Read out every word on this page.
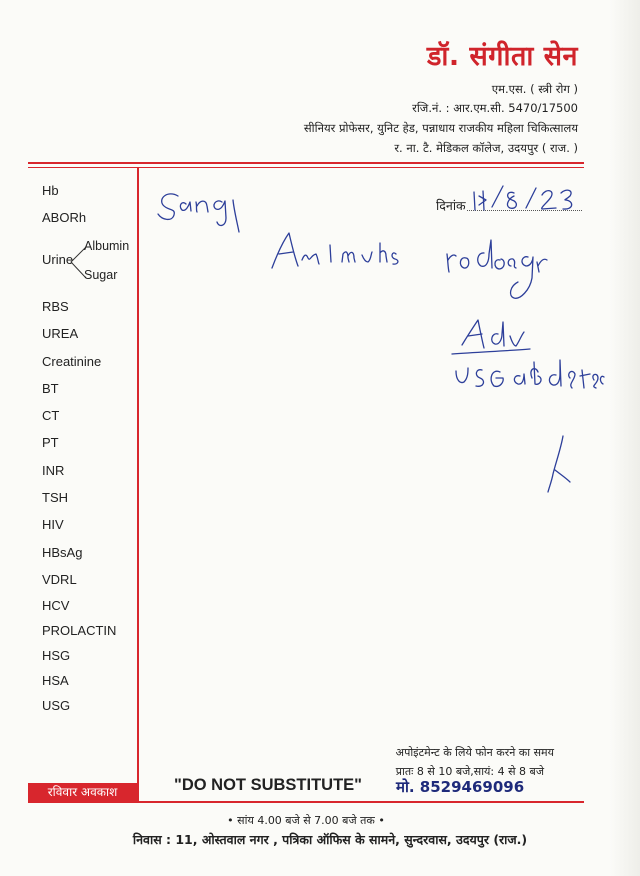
डॉ. संगीता सेन
एम.एस. ( स्त्री रोग )
रजि.नं. : आर.एम.सी. 5470/17500
सीनियर प्रोफेसर, युनिट हेड, पन्नाधाय राजकीय महिला चिकित्सालय
र. ना. टै. मेडिकल कॉलेज, उदयपुर ( राज. )
Hb
ABORh
Urine
Albumin
Sugar
RBS
UREA
Creatinine
BT
CT
PT
INR
TSH
HIV
HBsAg
VDRL
HCV
PROLACTIN
HSG
HSA
USG
दिनांक
अपोइंटमेन्ट के लिये फोन करने का समय
प्रातः 8 से 10 बजे,सायं: 4 से 8 बजे
रविवार अवकाश	"DO NOT SUBSTITUTE" मो. 8529469096
• सांय 4.00 बजे से 7.00 बजे तक •
निवास : 11, ओस्तवाल नगर , पत्रिका ऑफिस के सामने, सुन्दरवास, उदयपुर (राज.)
